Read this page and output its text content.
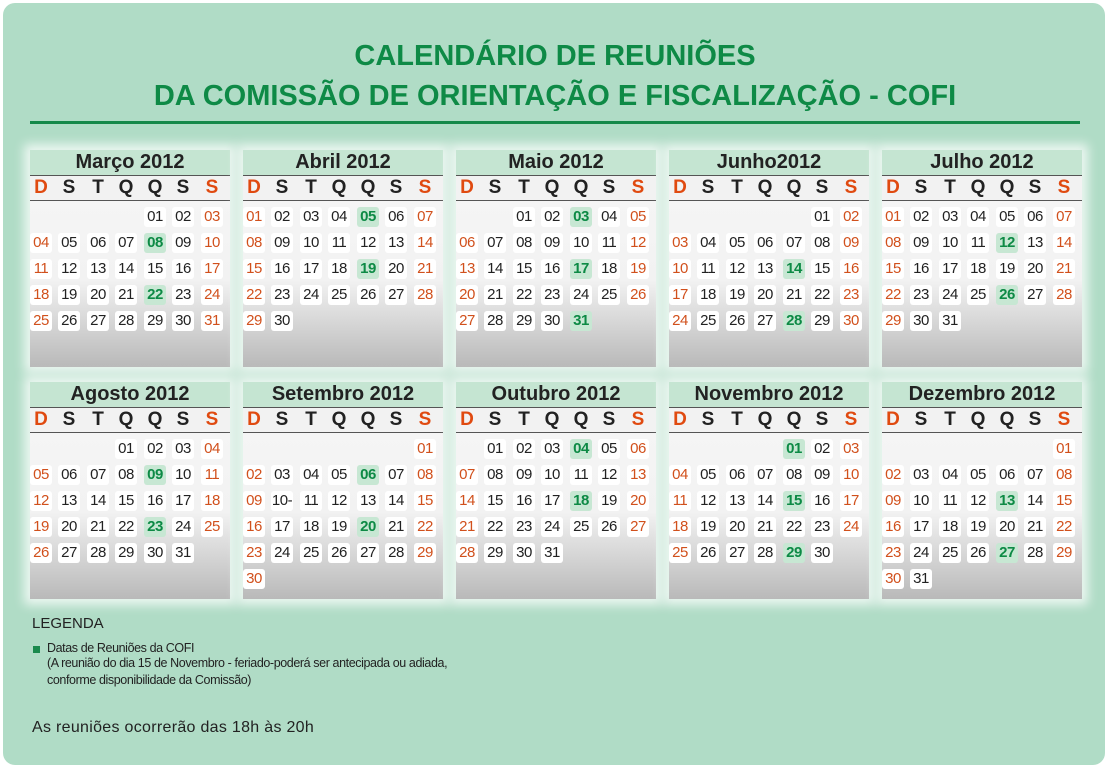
CALENDÁRIO DE REUNIÕES
DA COMISSÃO DE ORIENTAÇÃO E FISCALIZAÇÃO - COFI
Março 2012
D S T Q Q S S
01 02 03
04 05 06 07 08 09 10
11 12 13 14 15 16 17
18 19 20 21 22 23 24
25 26 27 28 29 30 31
Abril 2012
D S T Q Q S S
01 02 03 04 05 06 07
08 09 10 11 12 13 14
15 16 17 18 19 20 21
22 23 24 25 26 27 28
29 30
Maio 2012
D S T Q Q S S
01 02 03 04 05
06 07 08 09 10 11 12
13 14 15 16 17 18 19
20 21 22 23 24 25 26
27 28 29 30 31
Junho2012
D S T Q Q S S
01 02
03 04 05 06 07 08 09
10 11 12 13 14 15 16
17 18 19 20 21 22 23
24 25 26 27 28 29 30
Julho 2012
D S T Q Q S S
01 02 03 04 05 06 07
08 09 10 11 12 13 14
15 16 17 18 19 20 21
22 23 24 25 26 27 28
29 30 31
Agosto 2012
D S T Q Q S S
01 02 03 04
05 06 07 08 09 10 11
12 13 14 15 16 17 18
19 20 21 22 23 24 25
26 27 28 29 30 31
Setembro 2012
D S T Q Q S S
01
02 03 04 05 06 07 08
09 10- 11 12 13 14 15
16 17 18 19 20 21 22
23 24 25 26 27 28 29
30
Outubro 2012
D S T Q Q S S
01 02 03 04 05 06
07 08 09 10 11 12 13
14 15 16 17 18 19 20
21 22 23 24 25 26 27
28 29 30 31
Novembro 2012
D S T Q Q S S
01 02 03
04 05 06 07 08 09 10
11 12 13 14 15 16 17
18 19 20 21 22 23 24
25 26 27 28 29 30
Dezembro 2012
D S T Q Q S S
01
02 03 04 05 06 07 08
09 10 11 12 13 14 15
16 17 18 19 20 21 22
23 24 25 26 27 28 29
30 31
LEGENDA
Datas de Reuniões da COFI
(A reunião do dia 15 de Novembro - feriado-poderá ser antecipada ou adiada,
conforme disponibilidade da Comissão)
As reuniões ocorrerão das 18h às 20h
